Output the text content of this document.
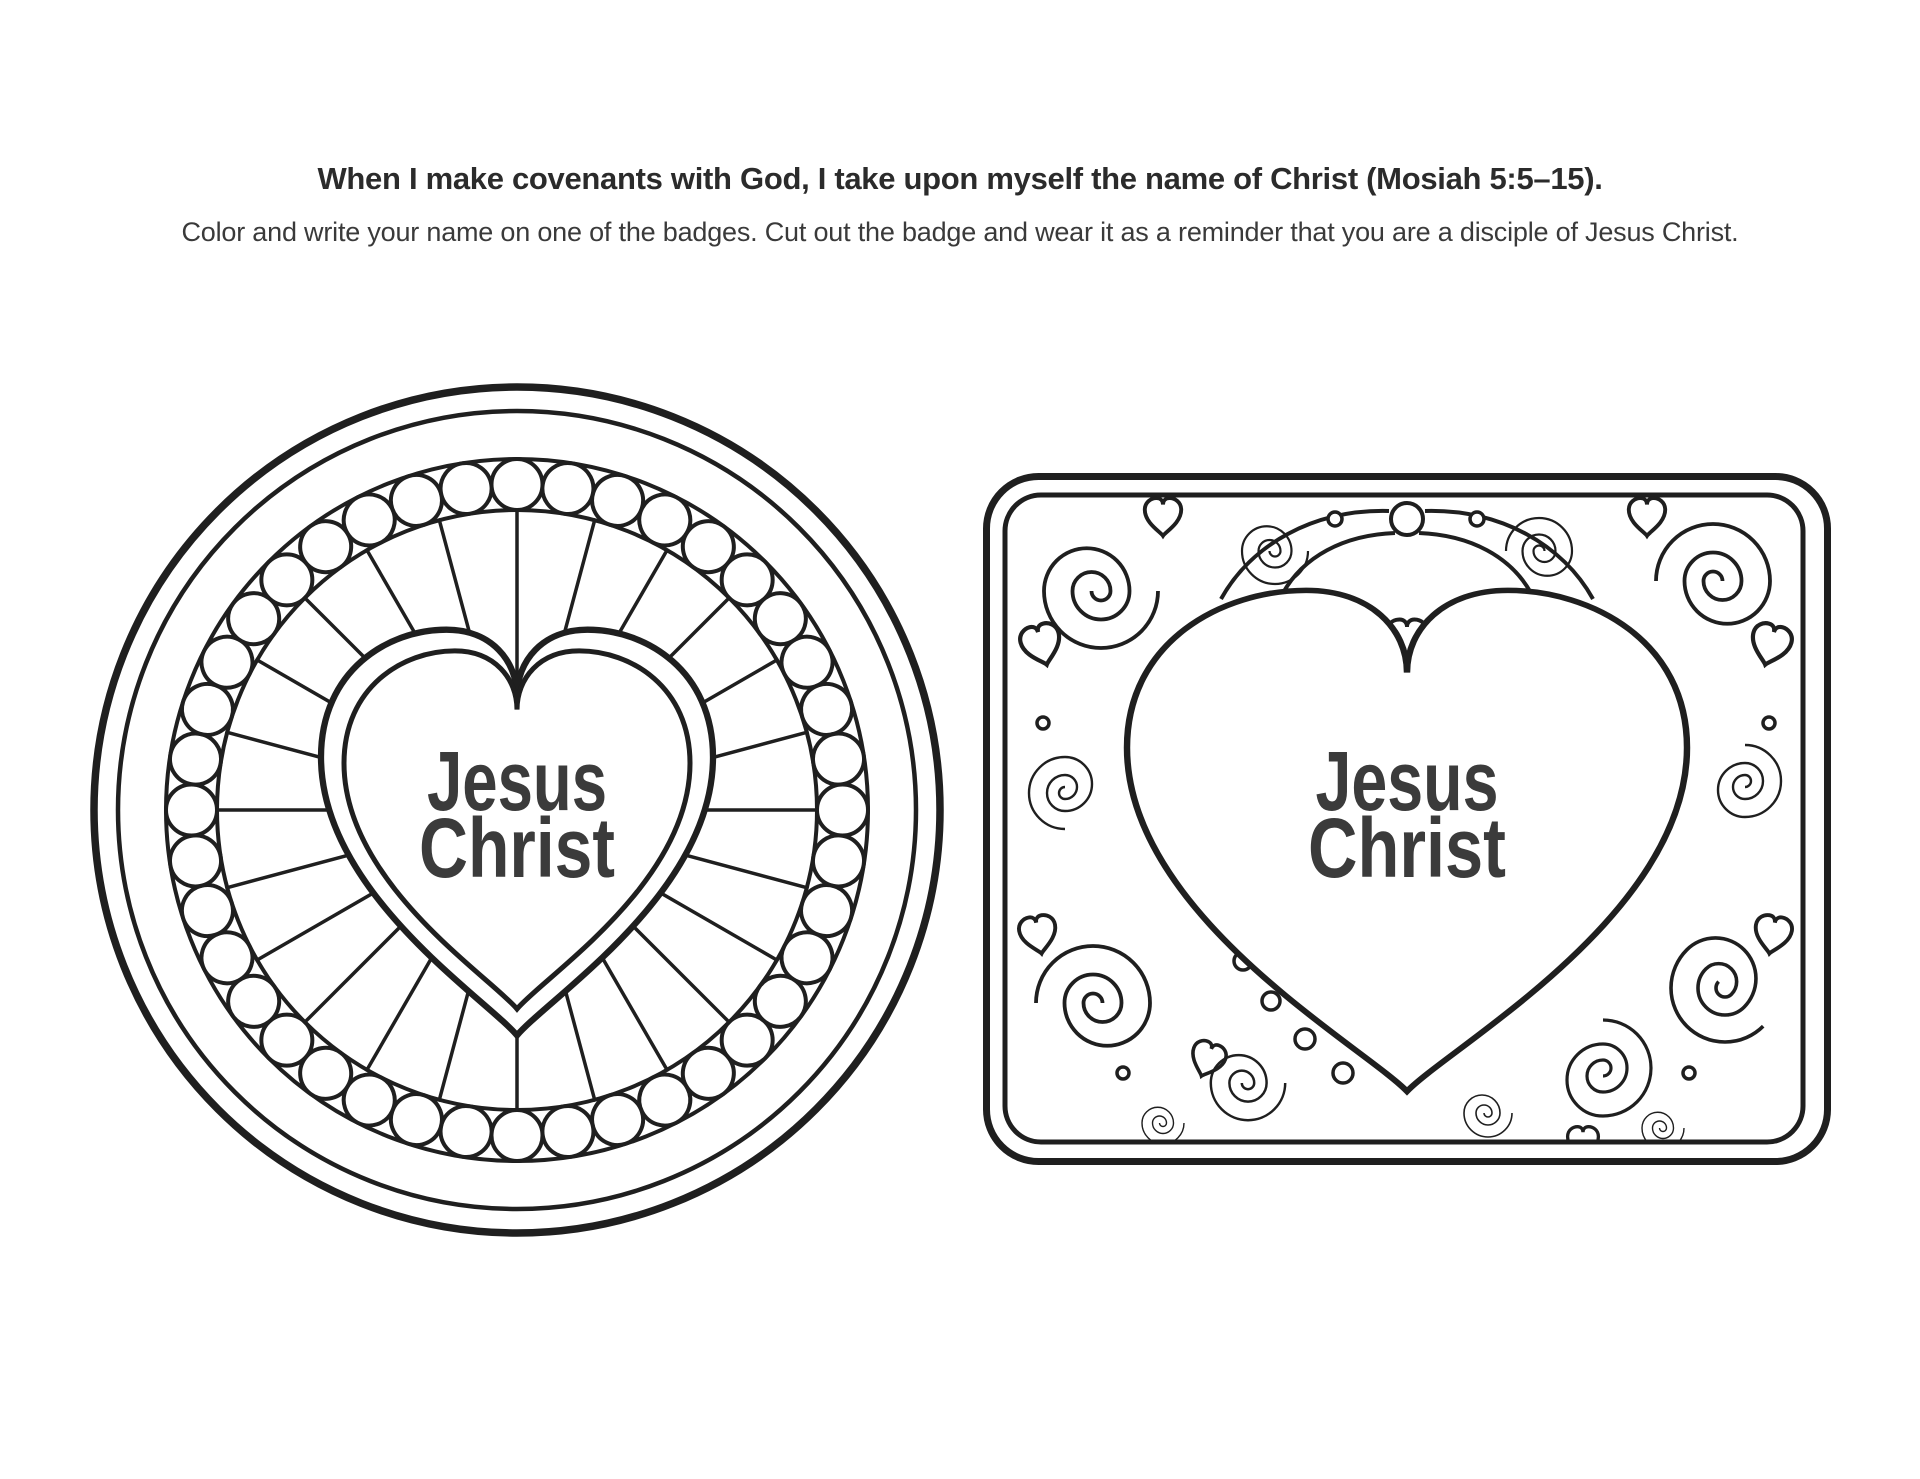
When I make covenants with God, I take upon myself the name of Christ (Mosiah 5:5–15).

Color and write your name on one of the badges. Cut out the badge and wear it as a reminder that you are a disciple of Jesus Christ.

Jesus
Christ
Jesus
Christ
